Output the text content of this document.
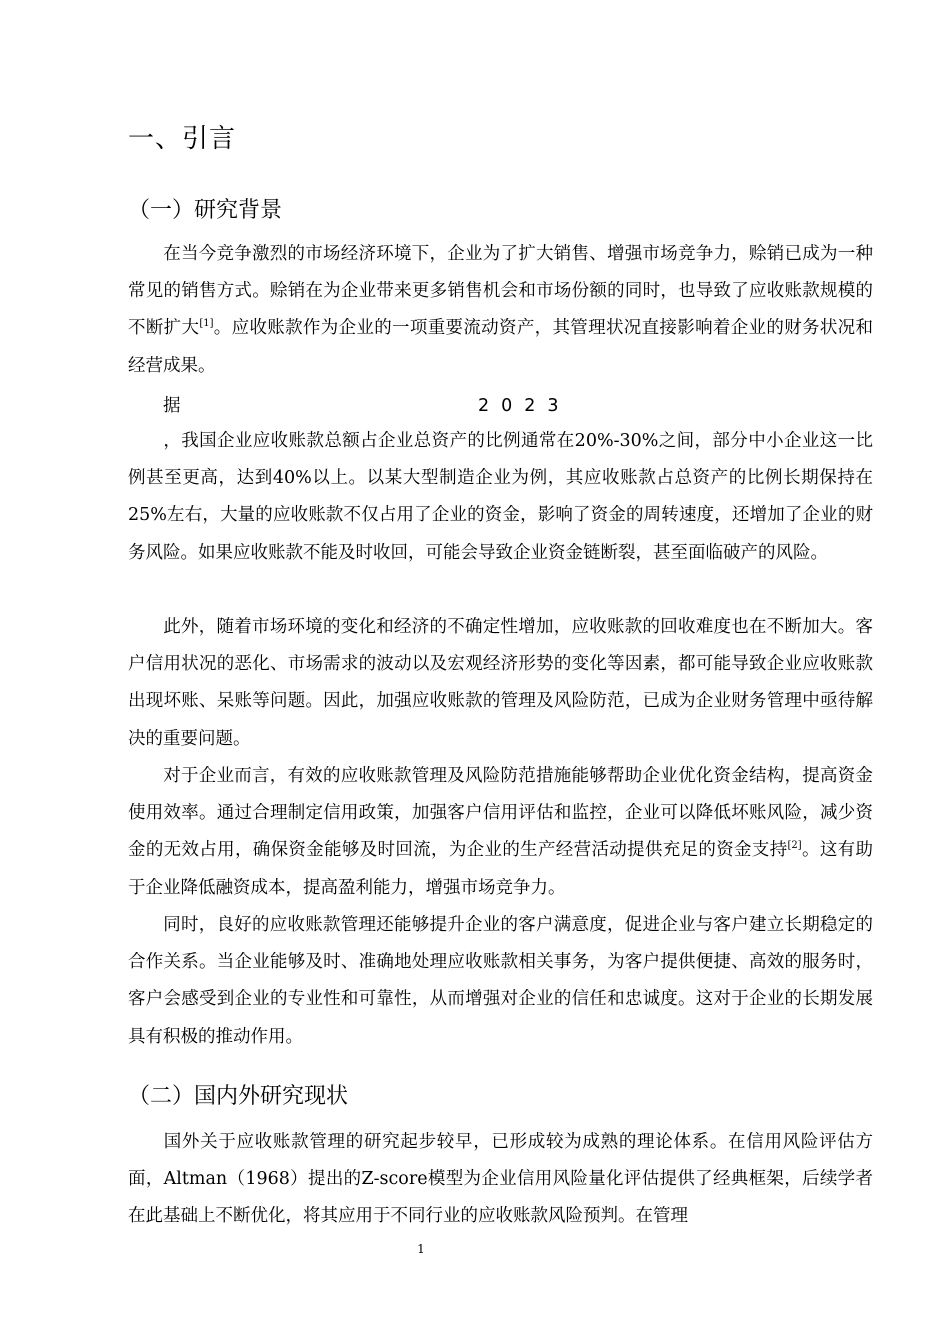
一、引言
（一）研究背景

在当今竞争激烈的市场经济环境下，企业为了扩大销售、增强市场竞争力，赊销已成为一种常见的销售方式。赊销在为企业带来更多销售机会和市场份额的同时，也导致了应收账款规模的不断扩大[1]。应收账款作为企业的一项重要流动资产，其管理状况直接影响着企业的财务状况和经营成果。

据	2023

，我国企业应收账款总额占企业总资产的比例通常在20%-30%之间，部分中小企业这一比例甚至更高，达到40%以上。以某大型制造企业为例，其应收账款占总资产的比例长期保持在25%左右，大量的应收账款不仅占用了企业的资金，影响了资金的周转速度，还增加了企业的财务风险。如果应收账款不能及时收回，可能会导致企业资金链断裂，甚至面临破产的风险。

此外，随着市场环境的变化和经济的不确定性增加，应收账款的回收难度也在不断加大。客户信用状况的恶化、市场需求的波动以及宏观经济形势的变化等因素，都可能导致企业应收账款出现坏账、呆账等问题。因此，加强应收账款的管理及风险防范，已成为企业财务管理中亟待解决的重要问题。

对于企业而言，有效的应收账款管理及风险防范措施能够帮助企业优化资金结构，提高资金使用效率。通过合理制定信用政策，加强客户信用评估和监控，企业可以降低坏账风险，减少资金的无效占用，确保资金能够及时回流，为企业的生产经营活动提供充足的资金支持[2]。这有助于企业降低融资成本，提高盈利能力，增强市场竞争力。

同时，良好的应收账款管理还能够提升企业的客户满意度，促进企业与客户建立长期稳定的合作关系。当企业能够及时、准确地处理应收账款相关事务，为客户提供便捷、高效的服务时，客户会感受到企业的专业性和可靠性，从而增强对企业的信任和忠诚度。这对于企业的长期发展具有积极的推动作用。

（二）国内外研究现状

国外关于应收账款管理的研究起步较早，已形成较为成熟的理论体系。在信用风险评估方面，Altman（1968）提出的Z-score模型为企业信用风险量化评估提供了经典框架，后续学者在此基础上不断优化，将其应用于不同行业的应收账款风险预判。在管理

1
